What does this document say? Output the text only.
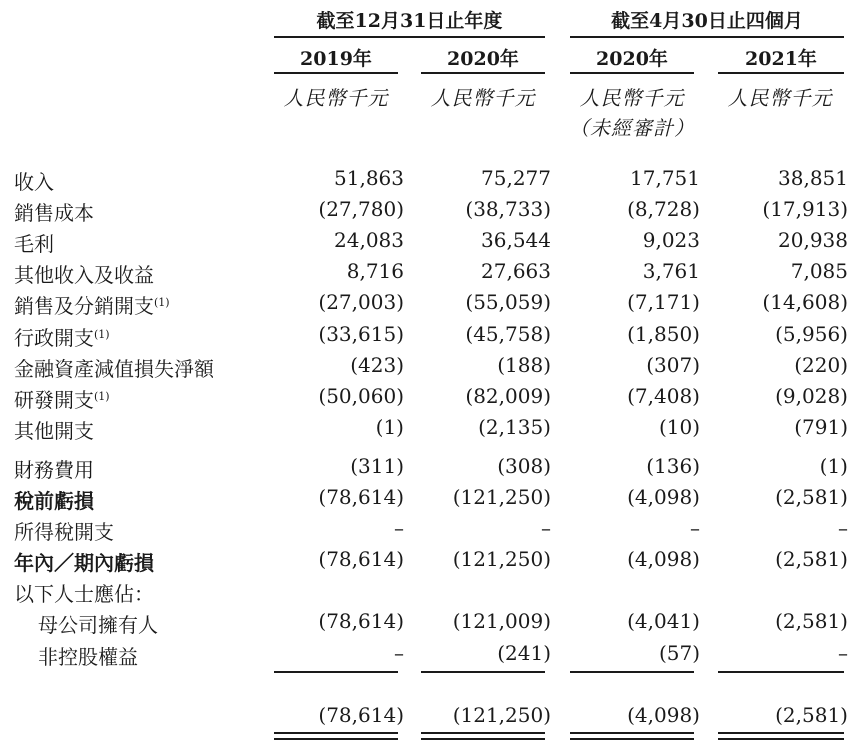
截至12月31日止年度	截至4月30日止四個月
2019年	2020年	2020年	2021年
人民幣千元	人民幣千元	人民幣千元	人民幣千元
（未經審計）
收入	51,863	75,277	17,751	38,851
銷售成本	(27,780)	(38,733)	(8,728)	(17,913)
毛利	24,083	36,544	9,023	20,938
其他收入及收益	8,716	27,663	3,761	7,085
銷售及分銷開支$^{(1)}$	(27,003)	(55,059)	(7,171)	(14,608)
行政開支$^{(1)}$	(33,615)	(45,758)	(1,850)	(5,956)
金融資產減值損失淨額	(423)	(188)	(307)	(220)
研發開支$^{(1)}$	(50,060)	(82,009)	(7,408)	(9,028)
其他開支	(1)	(2,135)	(10)	(791)
財務費用	(311)	(308)	(136)	(1)
稅前虧損	(78,614)	(121,250)	(4,098)	(2,581)
所得稅開支	–	–	–	–
年內／期內虧損	(78,614)	(121,250)	(4,098)	(2,581)
以下人士應佔：
母公司擁有人	(78,614)	(121,009)	(4,041)	(2,581)
非控股權益	–	(241)	(57)	–
(78,614)	(121,250)	(4,098)	(2,581)
